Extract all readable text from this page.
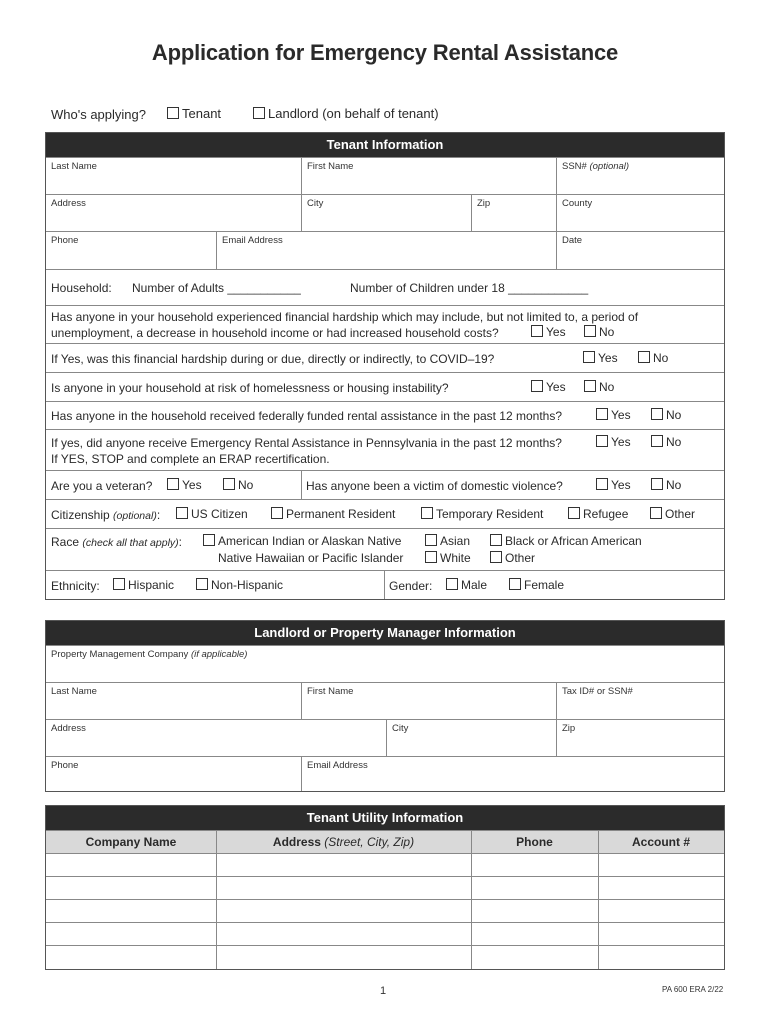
Application for Emergency Rental Assistance
Who's applying?	Tenant	Landlord (on behalf of tenant)
Tenant Information
Last Name	First Name	SSN# (optional)
Address	City	Zip	County
Phone	Email Address	Date
Household: Number of Adults ___________	Number of Children under 18 ____________
Has anyone in your household experienced financial hardship which may include, but not limited to, a period of
unemployment, a decrease in household income or had increased household costs?	Yes	No
If Yes, was this financial hardship during or due, directly or indirectly, to COVID–19?	Yes	No
Is anyone in your household at risk of homelessness or housing instability?	Yes	No
Has anyone in the household received federally funded rental assistance in the past 12 months?	Yes	No
If yes, did anyone receive Emergency Rental Assistance in Pennsylvania in the past 12 months?
If YES, STOP and complete an ERAP recertification.
Yes	No
Are you a veteran?	Yes	No	Has anyone been a victim of domestic violence?	Yes	No
Citizenship (optional):	US Citizen	Permanent Resident	Temporary Resident	Refugee	Other
Race (check all that apply):	American Indian or Alaskan Native	Asian	Black or African American
Native Hawaiian or Pacific Islander	White	Other
Ethnicity:	Hispanic	Non-Hispanic	Gender:	Male	Female
Landlord or Property Manager Information
Property Management Company (if applicable)
Last Name	First Name	Tax ID# or SSN#
Address	City	Zip
Phone	Email Address
Tenant Utility Information
Company Name	Address (Street, City, Zip)	Phone	Account #
1	PA 600 ERA 2/22
